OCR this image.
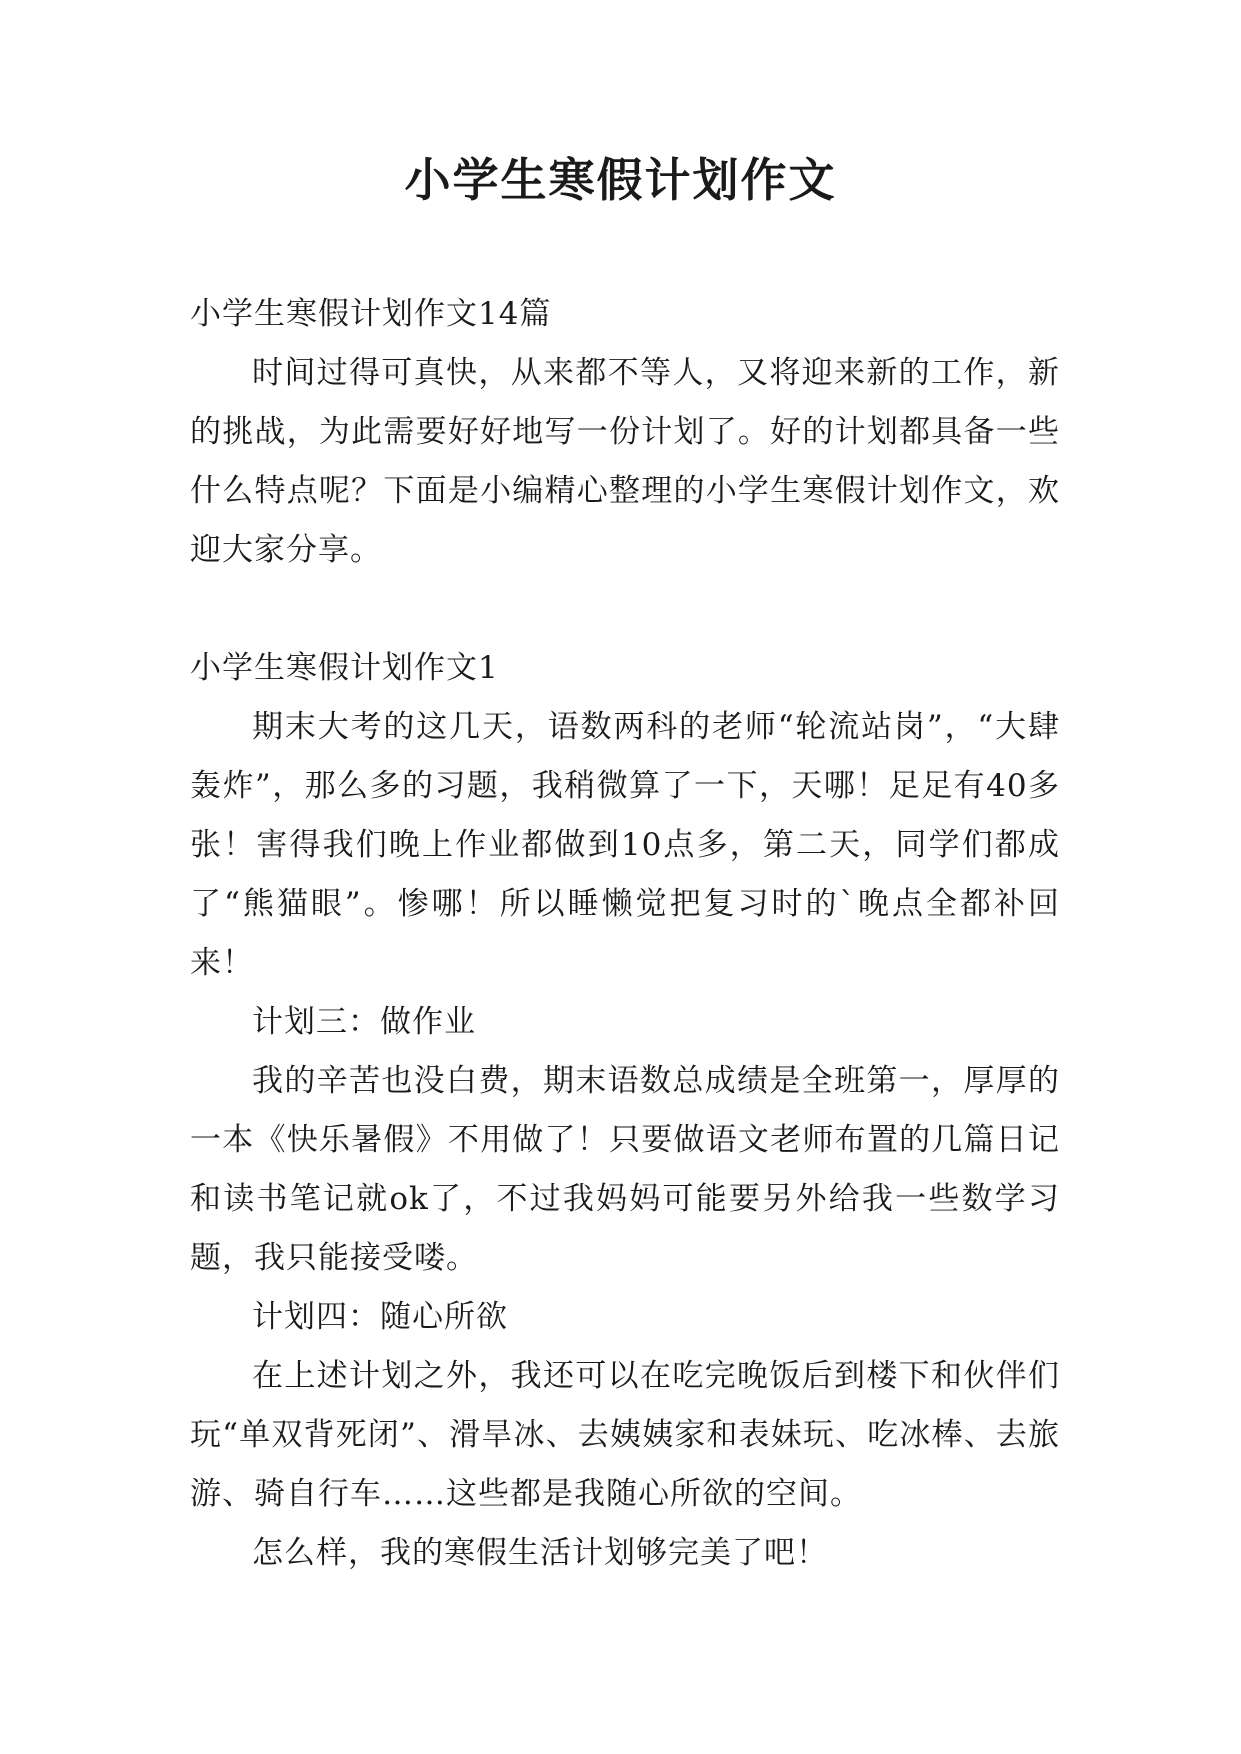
小学生寒假计划作文

小学生寒假计划作文14篇

时间过得可真快，从来都不等人，又将迎来新的工作，新的挑战，为此需要好好地写一份计划了。好的计划都具备一些什么特点呢？下面是小编精心整理的小学生寒假计划作文，欢迎大家分享。

小学生寒假计划作文1

期末大考的这几天，语数两科的老师“轮流站岗”，“大肆轰炸”，那么多的习题，我稍微算了一下，天哪！足足有40多张！害得我们晚上作业都做到10点多，第二天，同学们都成了“熊猫眼”。惨哪！所以睡懒觉把复习时的`晚点全都补回来！

计划三：做作业

我的辛苦也没白费，期末语数总成绩是全班第一，厚厚的一本《快乐暑假》不用做了！只要做语文老师布置的几篇日记和读书笔记就ok了，不过我妈妈可能要另外给我一些数学习题，我只能接受喽。

计划四：随心所欲

在上述计划之外，我还可以在吃完晚饭后到楼下和伙伴们玩“单双背死闭”、滑旱冰、去姨姨家和表妹玩、吃冰棒、去旅游、骑自行车……这些都是我随心所欲的空间。

怎么样，我的寒假生活计划够完美了吧！
